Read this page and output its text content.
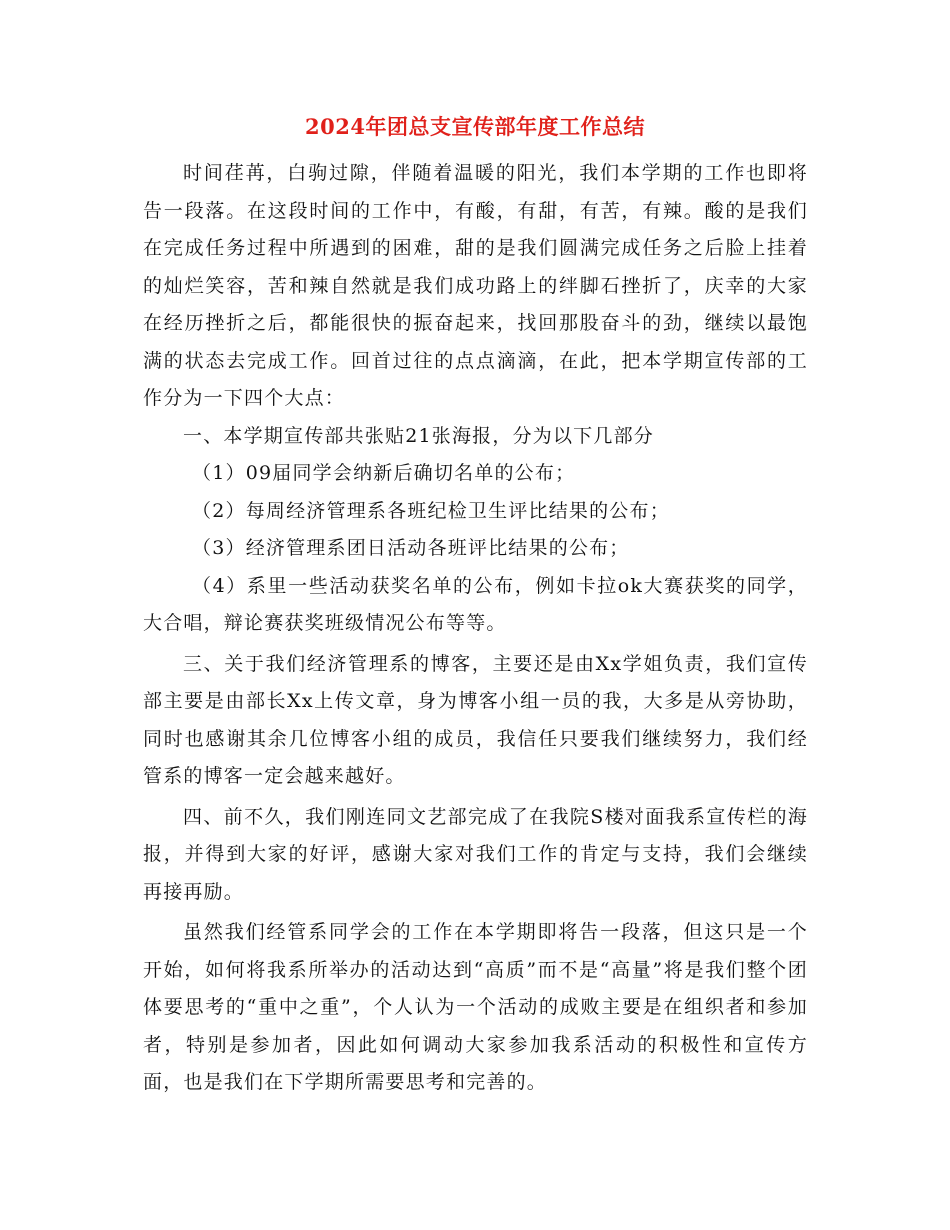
2024年团总支宣传部年度工作总结

时间荏苒，白驹过隙，伴随着温暖的阳光，我们本学期的工作也即将告一段落。在这段时间的工作中，有酸，有甜，有苦，有辣。酸的是我们在完成任务过程中所遇到的困难，甜的是我们圆满完成任务之后脸上挂着的灿烂笑容，苦和辣自然就是我们成功路上的绊脚石挫折了，庆幸的大家在经历挫折之后，都能很快的振奋起来，找回那股奋斗的劲，继续以最饱满的状态去完成工作。回首过往的点点滴滴，在此，把本学期宣传部的工作分为一下四个大点：

一、本学期宣传部共张贴21张海报，分为以下几部分

（1）09届同学会纳新后确切名单的公布；

（2）每周经济管理系各班纪检卫生评比结果的公布；

（3）经济管理系团日活动各班评比结果的公布；

（4）系里一些活动获奖名单的公布，例如卡拉ok大赛获奖的同学，大合唱，辩论赛获奖班级情况公布等等。

三、关于我们经济管理系的博客，主要还是由Xx学姐负责，我们宣传部主要是由部长Xx上传文章，身为博客小组一员的我，大多是从旁协助，同时也感谢其余几位博客小组的成员，我信任只要我们继续努力，我们经管系的博客一定会越来越好。

四、前不久，我们刚连同文艺部完成了在我院S楼对面我系宣传栏的海报，并得到大家的好评，感谢大家对我们工作的肯定与支持，我们会继续再接再励。

虽然我们经管系同学会的工作在本学期即将告一段落，但这只是一个开始，如何将我系所举办的活动达到“高质”而不是“高量”将是我们整个团体要思考的“重中之重”，个人认为一个活动的成败主要是在组织者和参加者，特别是参加者，因此如何调动大家参加我系活动的积极性和宣传方面，也是我们在下学期所需要思考和完善的。
